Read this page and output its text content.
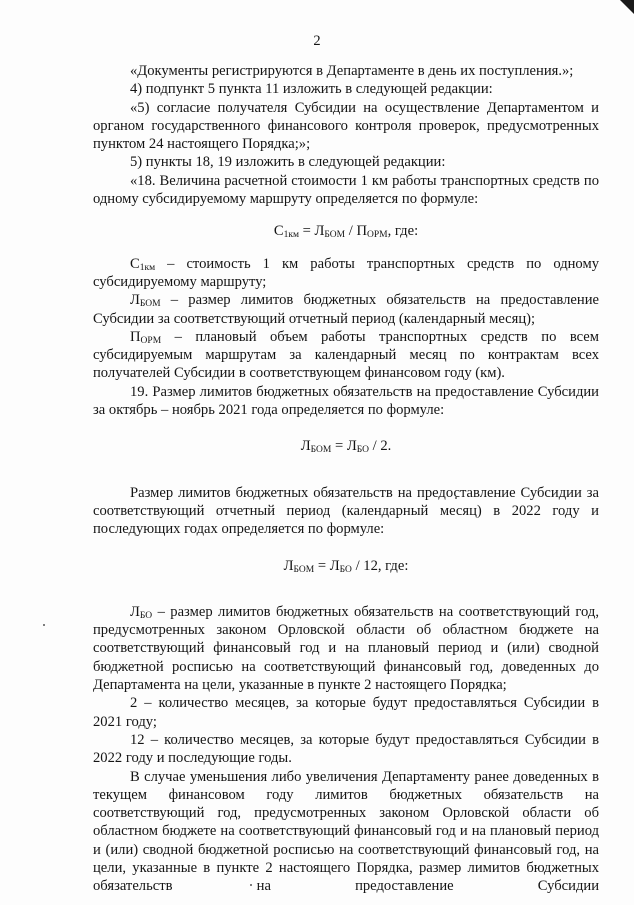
2

«Документы регистрируются в Департаменте в день их поступления.»;

4) подпункт 5 пункта 11 изложить в следующей редакции:

«5) согласие получателя Субсидии на осуществление Департаментом и органом государственного финансового контроля проверок, предусмотренных пунктом 24 настоящего Порядка;»;

5) пункты 18, 19 изложить в следующей редакции:

«18. Величина расчетной стоимости 1 км работы транспортных средств по одному субсидируемому маршруту определяется по формуле:

$С_{1км} = Л_{БОМ} / П_{ОРМ}$, где:

$С_{1км}$ – стоимость 1 км работы транспортных средств по одному субсидируемому маршруту;

$Л_{БОМ}$ – размер лимитов бюджетных обязательств на предоставление Субсидии за соответствующий отчетный период (календарный месяц);

$П_{ОРМ}$ – плановый объем работы транспортных средств по всем субсидируемым маршрутам за календарный месяц по контрактам всех получателей Субсидии в соответствующем финансовом году (км).

19. Размер лимитов бюджетных обязательств на предоставление Субсидии за октябрь – ноябрь 2021 года определяется по формуле:

$Л_{БОМ} = Л_{БО} / 2$.

Размер лимитов бюджетных обязательств на предоставление Субсидии за соответствующий отчетный период (календарный месяц) в 2022 году и последующих годах определяется по формуле:

$Л_{БОМ} = Л_{БО} / 12$, где:

$Л_{БО}$ – размер лимитов бюджетных обязательств на соответствующий год, предусмотренных законом Орловской области об областном бюджете на соответствующий финансовый год и на плановый период и (или) сводной бюджетной росписью на соответствующий финансовый год, доведенных до Департамента на цели, указанные в пункте 2 настоящего Порядка;

2 – количество месяцев, за которые будут предоставляться Субсидии в 2021 году;

12 – количество месяцев, за которые будут предоставляться Субсидии в 2022 году и последующие годы.

В случае уменьшения либо увеличения Департаменту ранее доведенных в текущем финансовом году лимитов бюджетных обязательств на соответствующий год, предусмотренных законом Орловской области об областном бюджете на соответствующий финансовый год и на плановый период и (или) сводной бюджетной росписью на соответствующий финансовый год, на цели, указанные в пункте 2 настоящего Порядка, размер лимитов бюджетных обязательств на предоставление Субсидии
